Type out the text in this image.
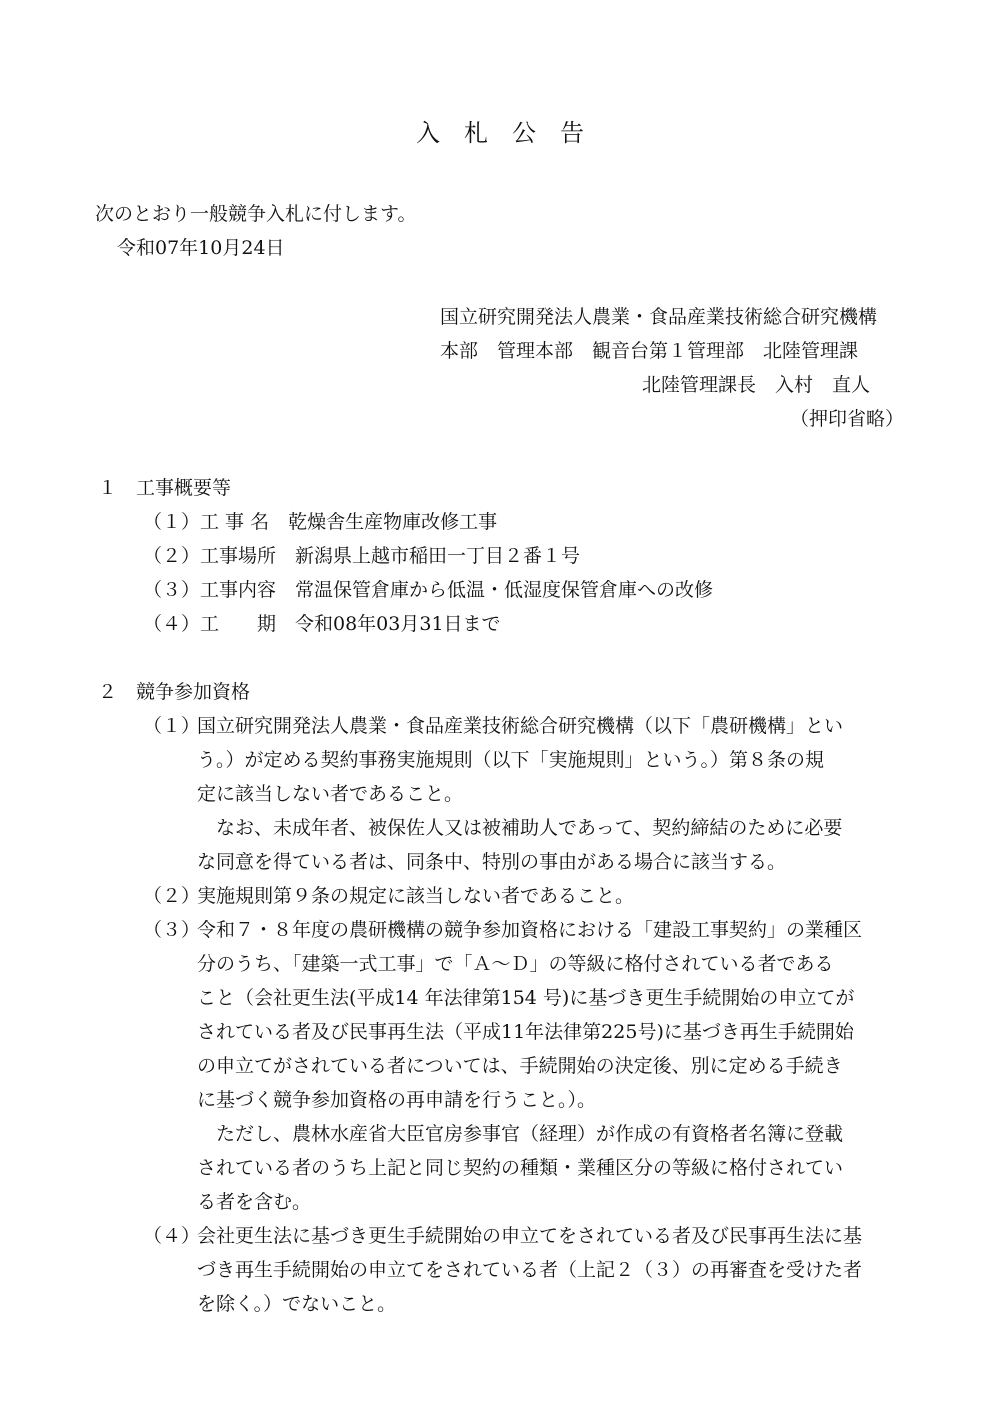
入　札　公　告
次のとおり一般競争入札に付します。
令和07年10月24日
国立研究開発法人農業・食品産業技術総合研究機構
本部　管理本部　観音台第１管理部　北陸管理課
北陸管理課長　入村　直人
（押印省略）
１　工事概要等
（１）工 事 名　乾燥舎生産物庫改修工事
（２）工事場所　新潟県上越市稲田一丁目２番１号
（３）工事内容　常温保管倉庫から低温・低湿度保管倉庫への改修
（４）工　　期　令和08年03月31日まで
２　競争参加資格
（１）
国立研究開発法人農業・食品産業技術総合研究機構（以下「農研機構」とい
う。）が定める契約事務実施規則（以下「実施規則」という。）第８条の規
定に該当しない者であること。
　なお、未成年者、被保佐人又は被補助人であって、契約締結のために必要
な同意を得ている者は、同条中、特別の事由がある場合に該当する。
（２）
実施規則第９条の規定に該当しない者であること。
（３）
令和７・８年度の農研機構の競争参加資格における「建設工事契約」の業種区
分のうち、「建築一式工事」で「Ａ～Ｄ」の等級に格付されている者である
こと（会社更生法(平成14 年法律第154 号)に基づき更生手続開始の申立てが
されている者及び民事再生法（平成11年法律第225号)に基づき再生手続開始
の申立てがされている者については、手続開始の決定後、別に定める手続き
に基づく競争参加資格の再申請を行うこと。）。
　ただし、農林水産省大臣官房参事官（経理）が作成の有資格者名簿に登載
されている者のうち上記と同じ契約の種類・業種区分の等級に格付されてい
る者を含む。
（４）
会社更生法に基づき更生手続開始の申立てをされている者及び民事再生法に基
づき再生手続開始の申立てをされている者（上記２（３）の再審査を受けた者
を除く。）でないこと。
